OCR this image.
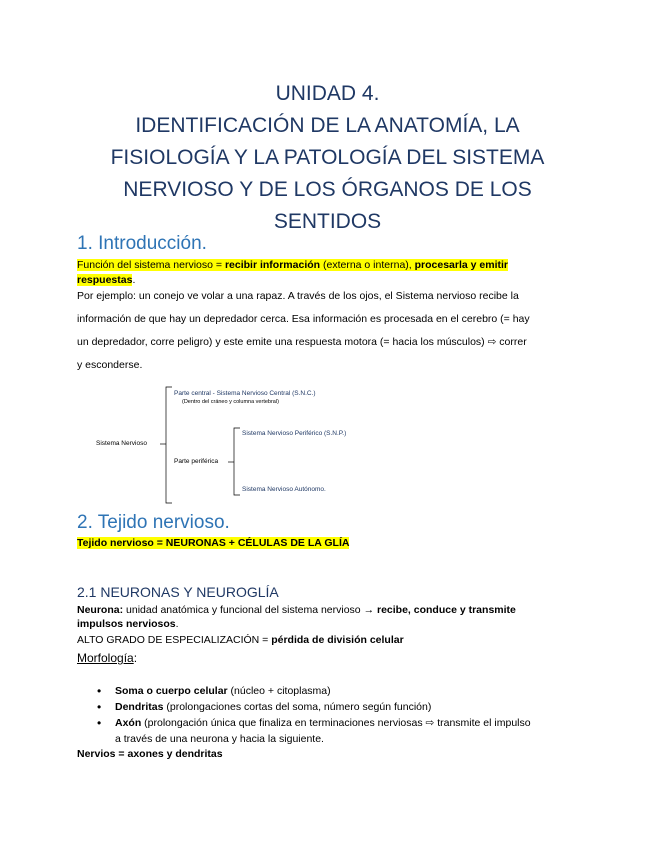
UNIDAD 4.
IDENTIFICACIÓN DE LA ANATOMÍA, LA
FISIOLOGÍA Y LA PATOLOGÍA DEL SISTEMA
NERVIOSO Y DE LOS ÓRGANOS DE LOS
SENTIDOS
1. Introducción.

Función del sistema nervioso = recibir información (externa o interna), procesarla y emitir

respuestas.

Por ejemplo: un conejo ve volar a una rapaz. A través de los ojos, el Sistema nervioso recibe la

información de que hay un depredador cerca. Esa información es procesada en el cerebro (= hay

un depredador, corre peligro) y este emite una respuesta motora (= hacia los músculos) ⇨ correr

y esconderse.

Sistema Nervioso
Parte central - Sistema Nervioso Central (S.N.C.)
(Dentro del cráneo y columna vertebral)
Parte periférica
Sistema Nervioso Periférico (S.N.P.)
Sistema Nervioso Autónomo.
2. Tejido nervioso.

Tejido nervioso = NEURONAS + CÉLULAS DE LA GLÍA

2.1 NEURONAS Y NEUROGLÍA

Neurona: unidad anatómica y funcional del sistema nervioso → recibe, conduce y transmite

impulsos nerviosos.

ALTO GRADO DE ESPECIALIZACIÓN = pérdida de división celular

Morfología:

• Soma o cuerpo celular (núcleo + citoplasma)
• Dendritas (prolongaciones cortas del soma, número según función)
• Axón (prolongación única que finaliza en terminaciones nerviosas ⇨ transmite el impulso
a través de una neurona y hacia la siguiente.

Nervios = axones y dendritas
